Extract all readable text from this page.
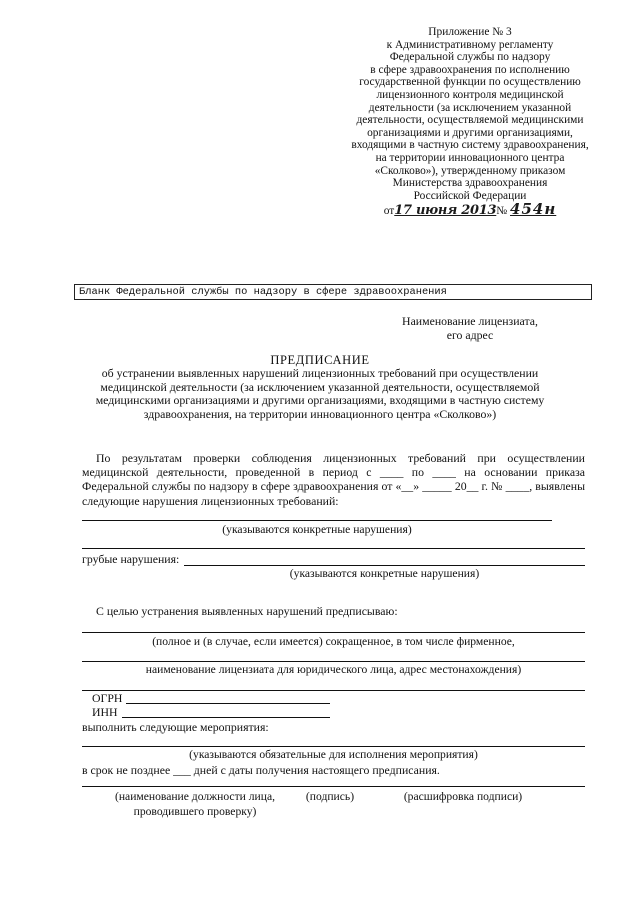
Приложение № 3
к Административному регламенту
Федеральной службы по надзору
в сфере здравоохранения по исполнению
государственной функции по осуществлению
лицензионного контроля медицинской
деятельности (за исключением указанной
деятельности, осуществляемой медицинскими
организациями и другими организациями,
входящими в частную систему здравоохранения,
на территории инновационного центра
«Сколково»), утвержденному приказом
Министерства здравоохранения
Российской Федерации
от17 июня 2013№ 454н
Бланк Федеральной службы по надзору в сфере здравоохранения
Наименование лицензиата,
его адрес
ПРЕДПИСАНИЕ
об устранении выявленных нарушений лицензионных требований при осуществлении медицинской деятельности (за исключением указанной деятельности, осуществляемой медицинскими организациями и другими организациями, входящими в частную систему здравоохранения, на территории инновационного центра «Сколково»)
По результатам проверки соблюдения лицензионных требований при осуществлении медицинской деятельности, проведенной в период с ____ по ____ на основании приказа Федеральной службы по надзору в сфере здравоохранения от «__» _____ 20__ г. № ____, выявлены следующие нарушения лицензионных требований:
(указываются конкретные нарушения)
грубые нарушения:
(указываются конкретные нарушения)
С целью устранения выявленных нарушений предписываю:
(полное и (в случае, если имеется) сокращенное, в том числе фирменное,
наименование лицензиата для юридического лица, адрес местонахождения)
ОГРН
ИНН
выполнить следующие мероприятия:
(указываются обязательные для исполнения мероприятия)
в срок не позднее ___ дней с даты получения настоящего предписания.
(наименование должности лица,
проводившего проверку)
(подпись)	(расшифровка подписи)
